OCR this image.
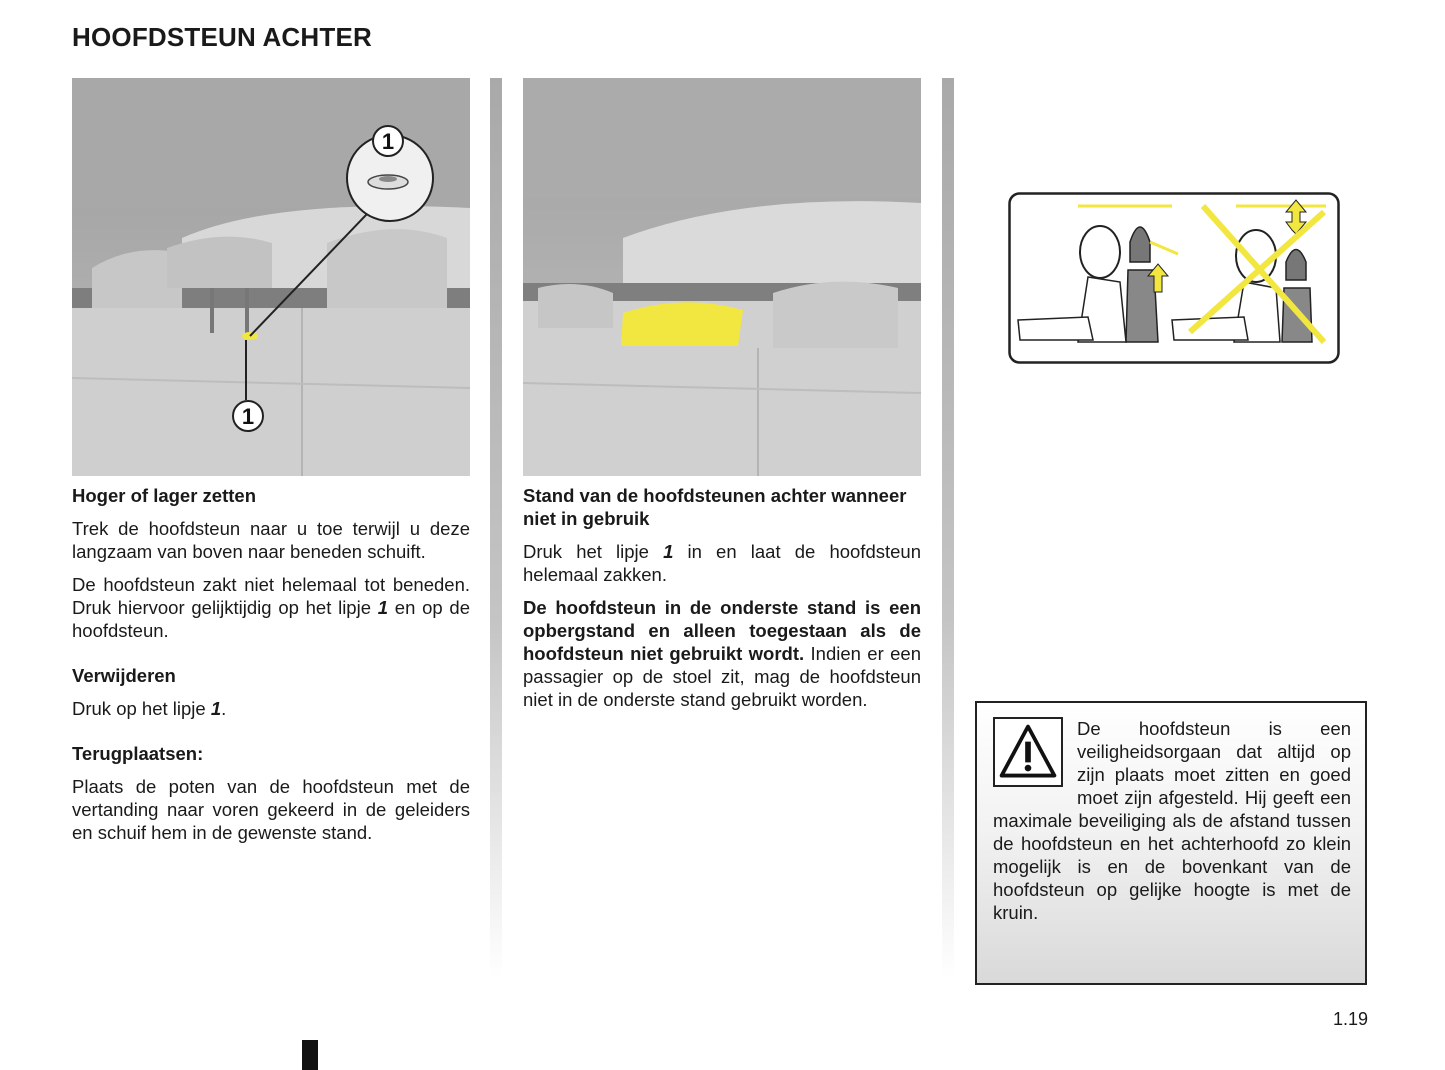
HOOFDSTEUN ACHTER
1
1
Hoger of lager zetten

Trek de hoofdsteun naar u toe terwijl u deze langzaam van boven naar beneden schuift.

De hoofdsteun zakt niet helemaal tot beneden. Druk hiervoor gelijktijdig op het lipje 1 en op de hoofdsteun.

Verwijderen

Druk op het lipje 1.

Terugplaatsen:

Plaats de poten van de hoofdsteun met de vertanding naar voren gekeerd in de geleiders en schuif hem in de gewenste stand.

Stand van de hoofdsteunen achter wanneer niet in gebruik

Druk het lipje 1 in en laat de hoofdsteun helemaal zakken.

De hoofdsteun in de onderste stand is een opbergstand en alleen toegestaan als de hoofdsteun niet gebruikt wordt. Indien er een passagier op de stoel zit, mag de hoofdsteun niet in de onderste stand gebruikt worden.

De hoofdsteun is een veiligheidsorgaan dat altijd op zijn plaats moet zitten en goed moet zijn afgesteld. Hij geeft een maximale beveiliging als de afstand tussen de hoofdsteun en het achterhoofd zo klein mogelijk is en de bovenkant van de hoofdsteun op gelijke hoogte is met de kruin.

1.19
